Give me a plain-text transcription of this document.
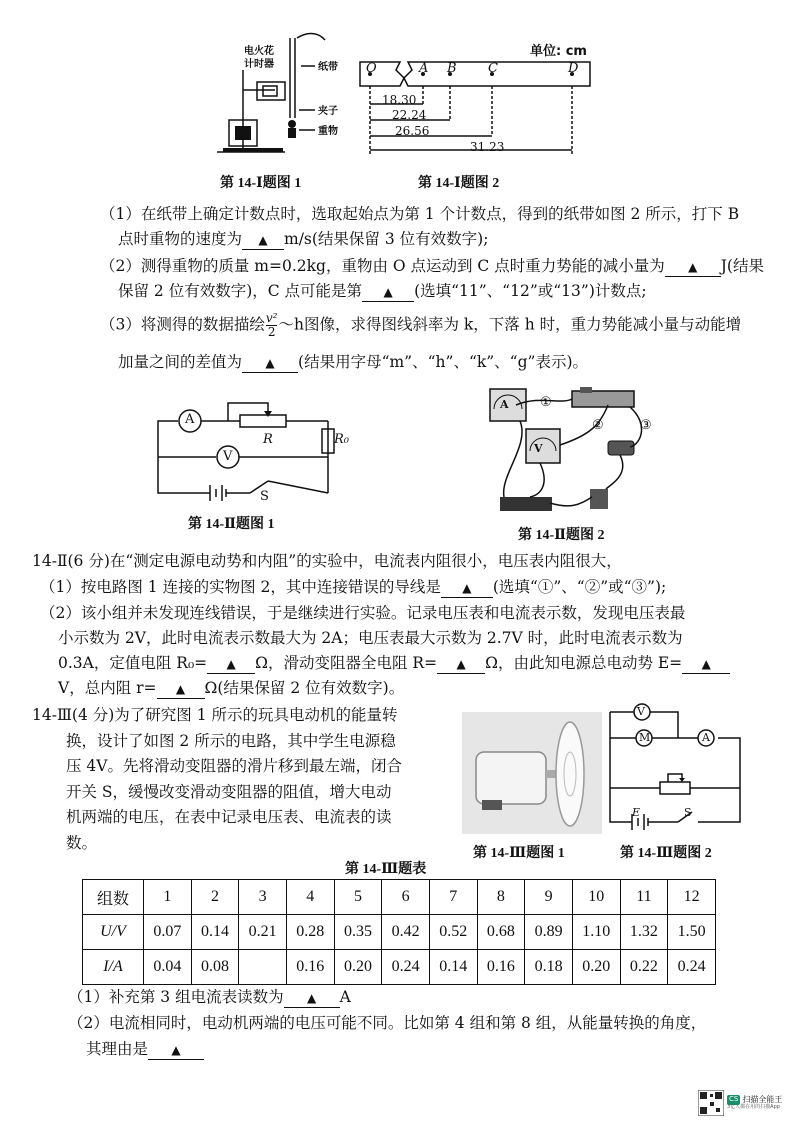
电火花
计时器	纸带
夹子
重物
第 14-Ⅰ题图 1
单位: cm
O	A B C	D
18.30
22.24
26.56
31.23
第 14-Ⅰ题图 2
（1）在纸带上确定计数点时，选取起始点为第 1 个计数点，得到的纸带如图 2 所示，打下 B
点时重物的速度为 ▲ m/s(结果保留 3 位有效数字);
（2）测得重物的质量 m=0.2kg，重物由 O 点运动到 C 点时重力势能的减小量为 ▲ J(结果
保留 2 位有效数字)，C 点可能是第 ▲ (选填“11”、“12”或“13”)计数点;
（3）将测得的数据描绘 $\frac{\text{v²}}{2}$ ～h图像，求得图线斜率为 k，下落 h 时，重力势能减小量与动能增
加量之间的差值为 ▲ (结果用字母“m”、“h”、“k”、“g”表示)。
A
R	R₀
V
S
第 14-Ⅱ题图 1
①
②	③
A
V
第 14-Ⅱ题图 2
14-Ⅱ(6 分)在“测定电源电动势和内阻”的实验中，电流表内阻很小，电压表内阻很大，
（1）按电路图 1 连接的实物图 2，其中连接错误的导线是 ▲ (选填“①”、“②”或“③”);
（2）该小组并未发现连线错误，于是继续进行实验。记录电压表和电流表示数，发现电压表最
小示数为 2V，此时电流表示数最大为 2A；电压表最大示数为 2.7V 时，此时电流表示数为
0.3A，定值电阻 R₀= ▲ Ω，滑动变阻器全电阻 R= ▲ Ω，由此知电源总电动势 E= ▲
V，总内阻 r= ▲ Ω(结果保留 2 位有效数字)。
14-Ⅲ(4 分)为了研究图 1 所示的玩具电动机的能量转
换，设计了如图 2 所示的电路，其中学生电源稳
压 4V。先将滑动变阻器的滑片移到最左端，闭合
开关 S，缓慢改变滑动变阻器的阻值，增大电动
机两端的电压，在表中记录电压表、电流表的读
数。
第 14-Ⅲ题图 1
V
M	A
E	S
第 14-Ⅲ题图 2
第 14-Ⅲ题表
组数	1	2	3	4	5	6	7	8	9	10	11	12
U/V	0.07	0.14	0.21	0.28	0.35	0.42	0.52	0.68	0.89	1.10	1.32	1.50
I/A	0.04	0.08		0.16	0.20	0.24	0.14	0.16	0.18	0.20	0.22	0.24
（1）补充第 3 组电流表读数为 ▲ A
（2）电流相同时，电动机两端的电压可能不同。比如第 4 组和第 8 组，从能量转换的角度，
其理由是 ▲
CS 扫描全能王
3亿人都在用的扫描App
